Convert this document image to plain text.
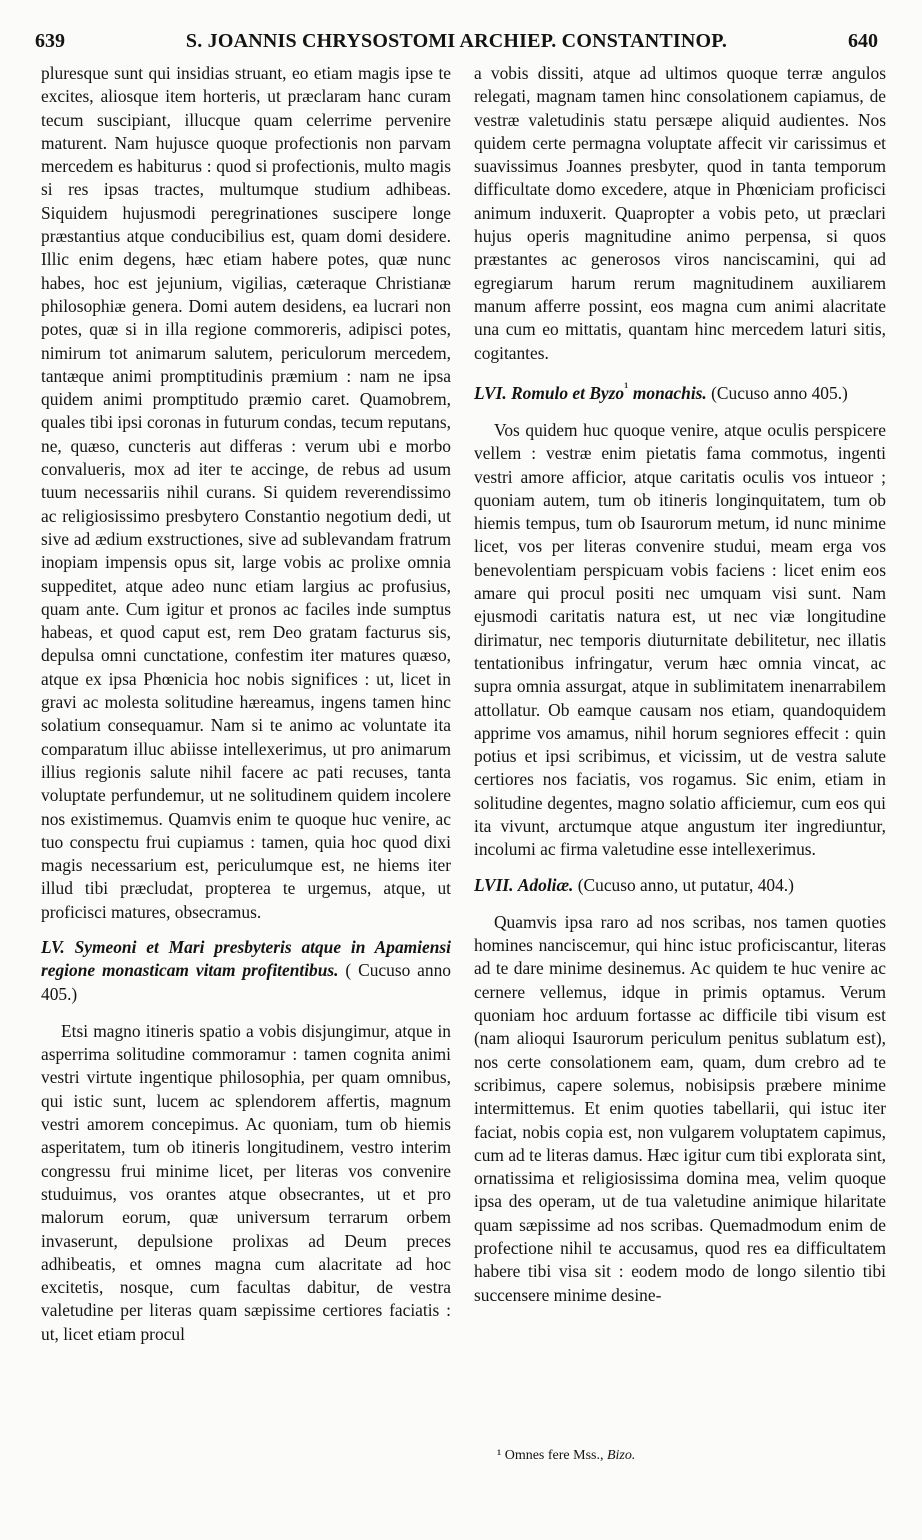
639	S. JOANNIS CHRYSOSTOMI ARCHIEP. CONSTANTINOP.	640

pluresque sunt qui insidias struant, eo etiam magis ipse te excites, aliosque item horteris, ut præclaram hanc curam tecum suscipiant, illucque quam celerrime pervenire maturent. Nam hujusce quoque profectionis non parvam mercedem es habiturus : quod si profectionis, multo magis si res ipsas tractes, multumque studium adhibeas. Siquidem hujusmodi peregrinationes suscipere longe præstantius atque conducibilius est, quam domi desidere. Illic enim degens, hæc etiam habere potes, quæ nunc habes, hoc est jejunium, vigilias, cæteraque Christianæ philosophiæ genera. Domi autem desidens, ea lucrari non potes, quæ si in illa regione commoreris, adipisci potes, nimirum tot animarum salutem, periculorum mercedem, tantæque animi promptitudinis præmium : nam ne ipsa quidem animi promptitudo præmio caret. Quamobrem, quales tibi ipsi coronas in futurum condas, tecum reputans, ne, quæso, cuncteris aut differas : verum ubi e morbo convalueris, mox ad iter te accinge, de rebus ad usum tuum necessariis nihil curans. Si quidem reverendissimo ac religiosissimo presbytero Constantio negotium dedi, ut sive ad ædium exstructiones, sive ad sublevandam fratrum inopiam impensis opus sit, large vobis ac prolixe omnia suppeditet, atque adeo nunc etiam largius ac profusius, quam ante. Cum igitur et pronos ac faciles inde sumptus habeas, et quod caput est, rem Deo gratam facturus sis, depulsa omni cunctatione, confestim iter matures quæso, atque ex ipsa Phœnicia hoc nobis significes : ut, licet in gravi ac molesta solitudine hæreamus, ingens tamen hinc solatium consequamur. Nam si te animo ac voluntate ita comparatum illuc abiisse intellexerimus, ut pro animarum illius regionis salute nihil facere ac pati recuses, tanta voluptate perfundemur, ut ne solitudinem quidem incolere nos existimemus. Quamvis enim te quoque huc venire, ac tuo conspectu frui cupiamus : tamen, quia hoc quod dixi magis necessarium est, periculumque est, ne hiems iter illud tibi præcludat, propterea te urgemus, atque, ut proficisci matures, obsecramus.

LV. Symeoni et Mari presbyteris atque in Apamiensi regione monasticam vitam profitentibus. ( Cucuso anno 405.)

Etsi magno itineris spatio a vobis disjungimur, atque in asperrima solitudine commoramur : tamen cognita animi vestri virtute ingentique philosophia, per quam omnibus, qui istic sunt, lucem ac splendorem affertis, magnum vestri amorem concepimus. Ac quoniam, tum ob hiemis asperitatem, tum ob itineris longitudinem, vestro interim congressu frui minime licet, per literas vos convenire studuimus, vos orantes atque obsecrantes, ut et pro malorum eorum, quæ universum terrarum orbem invaserunt, depulsione prolixas ad Deum preces adhibeatis, et omnes magna cum alacritate ad hoc excitetis, nosque, cum facultas dabitur, de vestra valetudine per literas quam sæpissime certiores faciatis : ut, licet etiam procul

a vobis dissiti, atque ad ultimos quoque terræ angulos relegati, magnam tamen hinc consolationem capiamus, de vestræ valetudinis statu persæpe aliquid audientes. Nos quidem certe permagna voluptate affecit vir carissimus et suavissimus Joannes presbyter, quod in tanta temporum difficultate domo excedere, atque in Phœniciam proficisci animum induxerit. Quapropter a vobis peto, ut præclari hujus operis magnitudine animo perpensa, si quos præstantes ac generosos viros nanciscamini, qui ad egregiarum harum rerum magnitudinem auxiliarem manum afferre possint, eos magna cum animi alacritate una cum eo mittatis, quantam hinc mercedem laturi sitis, cogitantes.

LVI. Romulo et Byzo$^{^1}$ monachis. (Cucuso anno 405.)

Vos quidem huc quoque venire, atque oculis perspicere vellem : vestræ enim pietatis fama commotus, ingenti vestri amore afficior, atque caritatis oculis vos intueor ; quoniam autem, tum ob itineris longinquitatem, tum ob hiemis tempus, tum ob Isaurorum metum, id nunc minime licet, vos per literas convenire studui, meam erga vos benevolentiam perspicuam vobis faciens : licet enim eos amare qui procul positi nec umquam visi sunt. Nam ejusmodi caritatis natura est, ut nec viæ longitudine dirimatur, nec temporis diuturnitate debilitetur, nec illatis tentationibus infringatur, verum hæc omnia vincat, ac supra omnia assurgat, atque in sublimitatem inenarrabilem attollatur. Ob eamque causam nos etiam, quandoquidem apprime vos amamus, nihil horum segniores effecit : quin potius et ipsi scribimus, et vicissim, ut de vestra salute certiores nos faciatis, vos rogamus. Sic enim, etiam in solitudine degentes, magno solatio afficiemur, cum eos qui ita vivunt, arctumque atque angustum iter ingrediuntur, incolumi ac firma valetudine esse intellexerimus.

LVII. Adoliæ. (Cucuso anno, ut putatur, 404.)

Quamvis ipsa raro ad nos scribas, nos tamen quoties homines nanciscemur, qui hinc istuc proficiscantur, literas ad te dare minime desinemus. Ac quidem te huc venire ac cernere vellemus, idque in primis optamus. Verum quoniam hoc arduum fortasse ac difficile tibi visum est (nam alioqui Isaurorum periculum penitus sublatum est), nos certe consolationem eam, quam, dum crebro ad te scribimus, capere solemus, nobisipsis præbere minime intermittemus. Et enim quoties tabellarii, qui istuc iter faciat, nobis copia est, non vulgarem voluptatem capimus, cum ad te literas damus. Hæc igitur cum tibi explorata sint, ornatissima et religiosissima domina mea, velim quoque ipsa des operam, ut de tua valetudine animique hilaritate quam sæpissime ad nos scribas. Quemadmodum enim de profectione nihil te accusamus, quod res ea difficultatem habere tibi visa sit : eodem modo de longo silentio tibi succensere minime desine-

¹ Omnes fere Mss., Bizo.
